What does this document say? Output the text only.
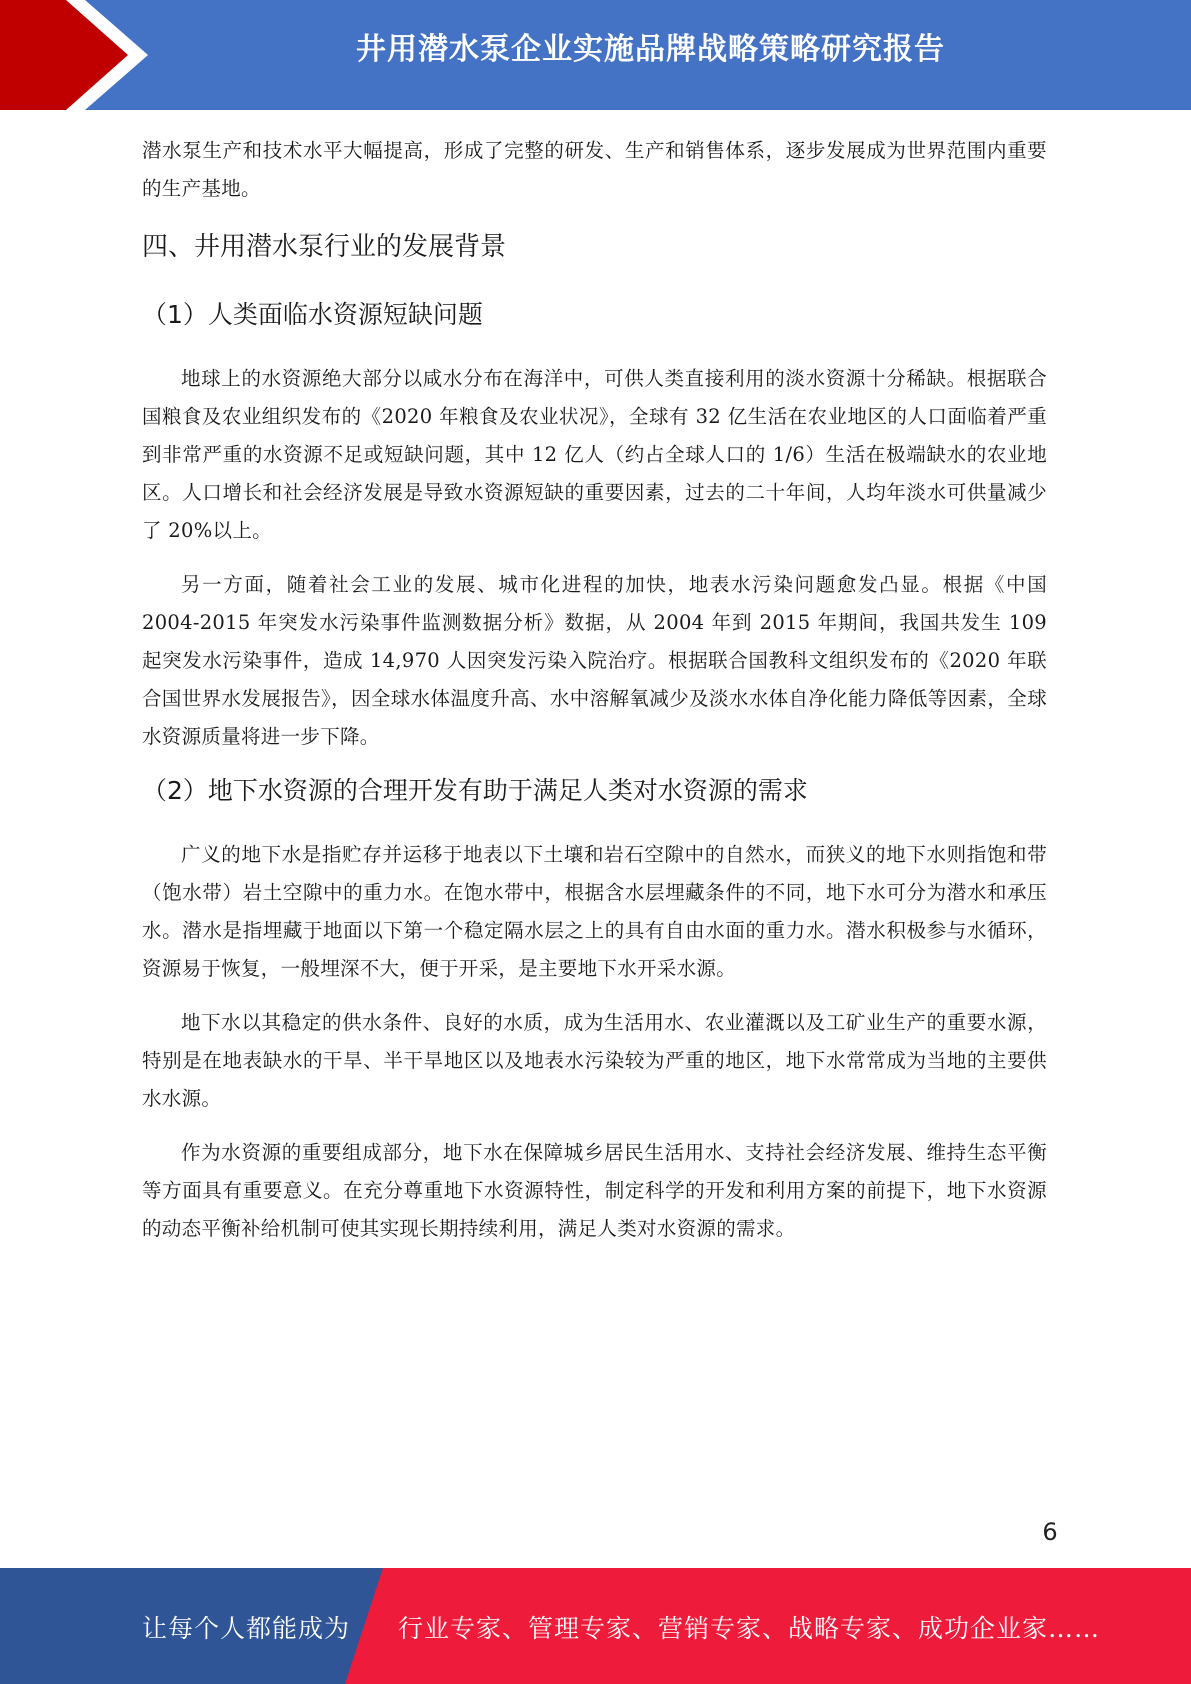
井用潜水泵企业实施品牌战略策略研究报告

潜水泵生产和技术水平大幅提高，形成了完整的研发、生产和销售体系，逐步发展成为世界范围内重要的生产基地。

四、井用潜水泵行业的发展背景
（1）人类面临水资源短缺问题

地球上的水资源绝大部分以咸水分布在海洋中，可供人类直接利用的淡水资源十分稀缺。根据联合国粮食及农业组织发布的《2020 年粮食及农业状况》，全球有 32 亿生活在农业地区的人口面临着严重到非常严重的水资源不足或短缺问题，其中 12 亿人（约占全球人口的 1/6）生活在极端缺水的农业地区。人口增长和社会经济发展是导致水资源短缺的重要因素，过去的二十年间，人均年淡水可供量减少了 20%以上。

另一方面，随着社会工业的发展、城市化进程的加快，地表水污染问题愈发凸显。根据《中国 2004-2015 年突发水污染事件监测数据分析》数据，从 2004 年到 2015 年期间，我国共发生 109 起突发水污染事件，造成 14,970 人因突发污染入院治疗。根据联合国教科文组织发布的《2020 年联合国世界水发展报告》，因全球水体温度升高、水中溶解氧减少及淡水水体自净化能力降低等因素，全球水资源质量将进一步下降。

（2）地下水资源的合理开发有助于满足人类对水资源的需求

广义的地下水是指贮存并运移于地表以下土壤和岩石空隙中的自然水，而狭义的地下水则指饱和带（饱水带）岩土空隙中的重力水。在饱水带中，根据含水层埋藏条件的不同，地下水可分为潜水和承压水。潜水是指埋藏于地面以下第一个稳定隔水层之上的具有自由水面的重力水。潜水积极参与水循环，资源易于恢复，一般埋深不大，便于开采，是主要地下水开采水源。

地下水以其稳定的供水条件、良好的水质，成为生活用水、农业灌溉以及工矿业生产的重要水源，特别是在地表缺水的干旱、半干旱地区以及地表水污染较为严重的地区，地下水常常成为当地的主要供水水源。

作为水资源的重要组成部分，地下水在保障城乡居民生活用水、支持社会经济发展、维持生态平衡等方面具有重要意义。在充分尊重地下水资源特性，制定科学的开发和利用方案的前提下，地下水资源的动态平衡补给机制可使其实现长期持续利用，满足人类对水资源的需求。

6
让每个人都能成为 行业专家、管理专家、营销专家、战略专家、成功企业家……
